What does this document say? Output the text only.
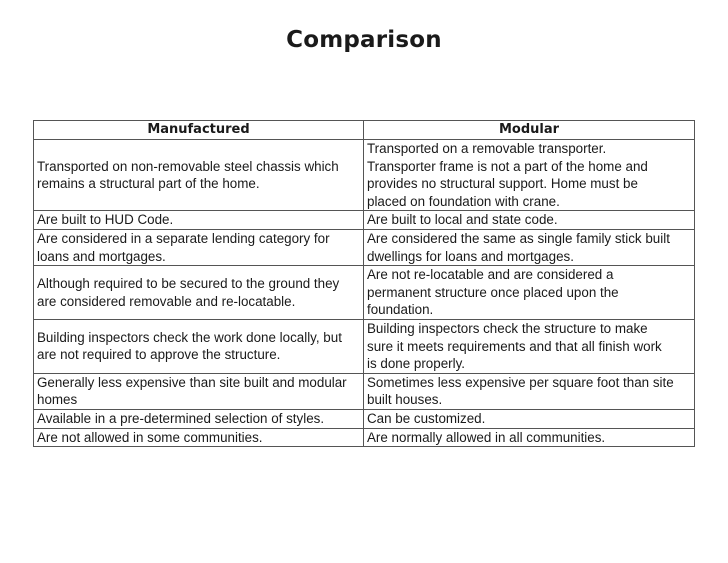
Comparison
Manufactured	Modular

Transported on non-removable steel chassis which
remains a structural part of the home.	Transported on a removable transporter.
Transporter frame is not a part of the home and
provides no structural support. Home must be
placed on foundation with crane.

Are built to HUD Code.	Are built to local and state code.

Are considered in a separate lending category for
loans and mortgages.	Are considered the same as single family stick built
dwellings for loans and mortgages.

Although required to be secured to the ground they
are considered removable and re-locatable.	Are not re-locatable and are considered a
permanent structure once placed upon the
foundation.

Building inspectors check the work done locally, but
are not required to approve the structure.	Building inspectors check the structure to make
sure it meets requirements and that all finish work
is done properly.

Generally less expensive than site built and modular
homes	Sometimes less expensive per square foot than site
built houses.

Available in a pre-determined selection of styles.	Can be customized.

Are not allowed in some communities.	Are normally allowed in all communities.
